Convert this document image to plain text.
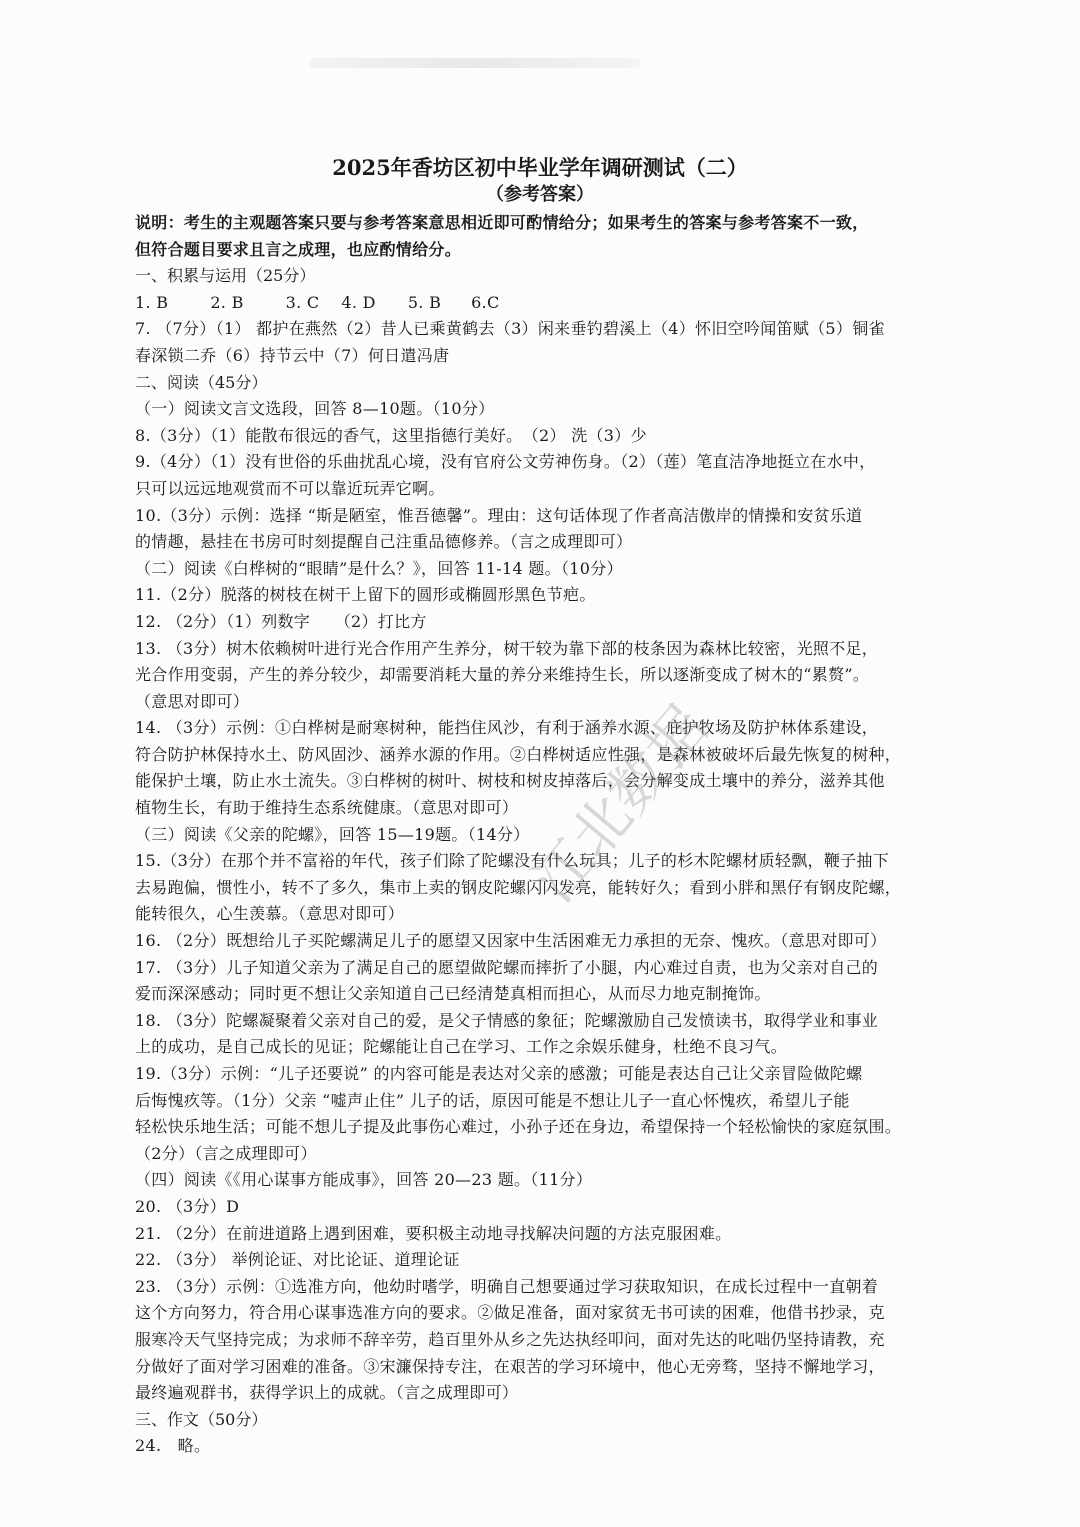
2025年香坊区初中毕业学年调研测试（二）

（参考答案）

说明：考生的主观题答案只要与参考答案意思相近即可酌情给分；如果考生的答案与参考答案不一致，

但符合题目要求且言之成理，也应酌情给分。

一、积累与运用（25分）

1. B	2. B	3. C 4. D 5. B 6.C

7. （7分）（1） 都护在燕然（2）昔人已乘黄鹤去（3）闲来垂钓碧溪上（4）怀旧空吟闻笛赋（5）铜雀

春深锁二乔（6）持节云中（7）何日遣冯唐

二、阅读（45分）

（一）阅读文言文选段，回答 8—10题。（10分）

8.（3分）（1）能散布很远的香气，这里指德行美好。　（2） 洗（3）少

9.（4分）（1）没有世俗的乐曲扰乱心境，没有官府公文劳神伤身。（2）（莲）笔直洁净地挺立在水中，

只可以远远地观赏而不可以靠近玩弄它啊。

10.（3分）示例：选择 “斯是陋室，惟吾德馨”。理由：这句话体现了作者高洁傲岸的情操和安贫乐道

的情趣，悬挂在书房可时刻提醒自己注重品德修养。（言之成理即可）

（二）阅读《白桦树的“眼睛”是什么？》，回答 11-14 题。（10分）

11.（2分）脱落的树枝在树干上留下的圆形或椭圆形黑色节疤。

12. （2分）（1）列数字　　（2）打比方

13. （3分）树木依赖树叶进行光合作用产生养分，树干较为靠下部的枝条因为森林比较密，光照不足，

光合作用变弱，产生的养分较少，却需要消耗大量的养分来维持生长，所以逐渐变成了树木的“累赘”。

（意思对即可）

14. （3分）示例：①白桦树是耐寒树种，能挡住风沙，有利于涵养水源、庇护牧场及防护林体系建设，

符合防护林保持水土、防风固沙、涵养水源的作用。②白桦树适应性强，是森林被破坏后最先恢复的树种，

能保护土壤，防止水土流失。③白桦树的树叶、树枝和树皮掉落后，会分解变成土壤中的养分，滋养其他

植物生长，有助于维持生态系统健康。（意思对即可）

（三）阅读《父亲的陀螺》，回答 15—19题。（14分）

15.（3分）在那个并不富裕的年代，孩子们除了陀螺没有什么玩具；儿子的杉木陀螺材质轻飘，鞭子抽下

去易跑偏，惯性小，转不了多久，集市上卖的钢皮陀螺闪闪发亮，能转好久；看到小胖和黑仔有钢皮陀螺，

能转很久，心生羡慕。（意思对即可）

16. （2分）既想给儿子买陀螺满足儿子的愿望又因家中生活困难无力承担的无奈、愧疚。（意思对即可）

17. （3分）儿子知道父亲为了满足自己的愿望做陀螺而摔折了小腿，内心难过自责，也为父亲对自己的

爱而深深感动；同时更不想让父亲知道自己已经清楚真相而担心，从而尽力地克制掩饰。

18. （3分）陀螺凝聚着父亲对自己的爱，是父子情感的象征；陀螺激励自己发愤读书，取得学业和事业

上的成功，是自己成长的见证；陀螺能让自己在学习、工作之余娱乐健身，杜绝不良习气。

19.（3分）示例：“儿子还要说” 的内容可能是表达对父亲的感激；可能是表达自己让父亲冒险做陀螺

后悔愧疚等。（1分）父亲 “嘘声止住” 儿子的话，原因可能是不想让儿子一直心怀愧疚，希望儿子能

轻松快乐地生活；可能不想儿子提及此事伤心难过，小孙子还在身边，希望保持一个轻松愉快的家庭氛围。

（2分）（言之成理即可）

（四）阅读《《用心谋事方能成事》，回答 20—23 题。（11分）

20. （3分）D

21. （2分）在前进道路上遇到困难，要积极主动地寻找解决问题的方法克服困难。

22. （3分） 举例论证、对比论证、道理论证

23. （3分）示例：①选准方向，他幼时嗜学，明确自己想要通过学习获取知识，在成长过程中一直朝着

这个方向努力，符合用心谋事选准方向的要求。②做足准备，面对家贫无书可读的困难，他借书抄录，克

服寒冷天气坚持完成；为求师不辞辛劳，趋百里外从乡之先达执经叩问，面对先达的叱咄仍坚持请教，充

分做好了面对学习困难的准备。③宋濂保持专注，在艰苦的学习环境中，他心无旁骛，坚持不懈地学习，

最终遍观群书，获得学识上的成就。（言之成理即可）

三、作文（50分）

24.　略。

江北数据
